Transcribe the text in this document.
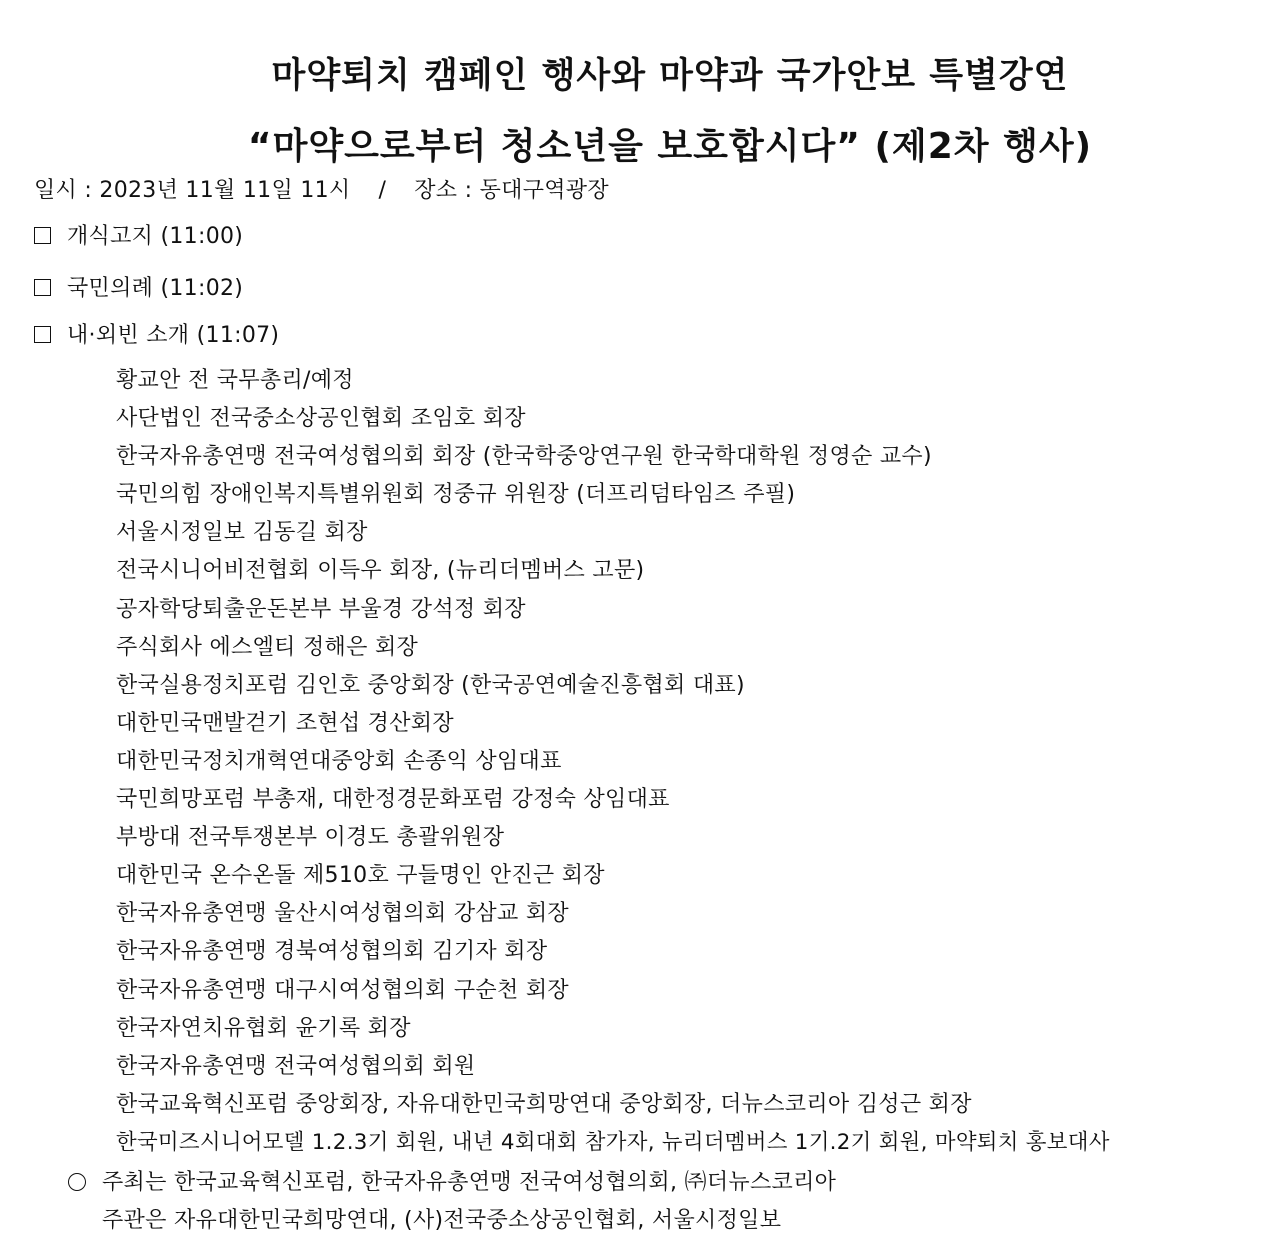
마약퇴치 캠페인 행사와 마약과 국가안보 특별강연
“마약으로부터 청소년을 보호합시다” (제2차 행사)
일시 : 2023년 11월 11일 11시 / 장소 : 동대구역광장
개식고지 (11:00)
국민의례 (11:02)
내·외빈 소개 (11:07)
황교안 전 국무총리/예정
사단법인 전국중소상공인협회 조임호 회장
한국자유총연맹 전국여성협의회 회장 (한국학중앙연구원 한국학대학원 정영순 교수)
국민의힘 장애인복지특별위원회 정중규 위원장 (더프리덤타임즈 주필)
서울시정일보 김동길 회장
전국시니어비전협회 이득우 회장, (뉴리더멤버스 고문)
공자학당퇴출운돈본부 부울경 강석정 회장
주식회사 에스엘티 정해은 회장
한국실용정치포럼 김인호 중앙회장 (한국공연예술진흥협회 대표)
대한민국맨발걷기 조현섭 경산회장
대한민국정치개혁연대중앙회 손종익 상임대표
국민희망포럼 부총재, 대한정경문화포럼 강정숙 상임대표
부방대 전국투쟁본부 이경도 총괄위원장
대한민국 온수온돌 제510호 구들명인 안진근 회장
한국자유총연맹 울산시여성협의회 강삼교 회장
한국자유총연맹 경북여성협의회 김기자 회장
한국자유총연맹 대구시여성협의회 구순천 회장
한국자연치유협회 윤기록 회장
한국자유총연맹 전국여성협의회 회원
한국교육혁신포럼 중앙회장, 자유대한민국희망연대 중앙회장, 더뉴스코리아 김성근 회장
한국미즈시니어모델 1.2.3기 회원, 내년 4회대회 참가자, 뉴리더멤버스 1기.2기 회원, 마약퇴치 홍보대사
주최는 한국교육혁신포럼, 한국자유총연맹 전국여성협의회, ㈜더뉴스코리아
주관은 자유대한민국희망연대, (사)전국중소상공인협회, 서울시정일보
